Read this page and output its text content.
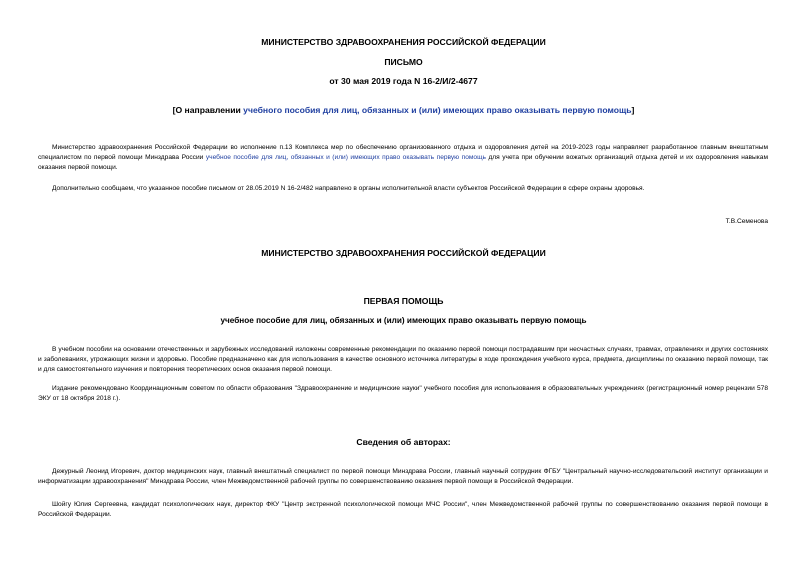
МИНИСТЕРСТВО ЗДРАВООХРАНЕНИЯ РОССИЙСКОЙ ФЕДЕРАЦИИ
ПИСЬМО
от 30 мая 2019 года N 16-2/И/2-4677
[О направлении учебного пособия для лиц, обязанных и (или) имеющих право оказывать первую помощь]

Министерство здравоохранения Российской Федерации во исполнение п.13 Комплекса мер по обеспечению организованного отдыха и оздоровления детей на 2019-2023 годы направляет разработанное главным внештатным специалистом по первой помощи Минздрава России учебное пособие для лиц, обязанных и (или) имеющих право оказывать первую помощь для учета при обучении вожатых организаций отдыха детей и их оздоровления навыкам оказания первой помощи.

Дополнительно сообщаем, что указанное пособие письмом от 28.05.2019 N 16-2/482 направлено в органы исполнительной власти субъектов Российской Федерации в сфере охраны здоровья.

Т.В.Семенова
МИНИСТЕРСТВО ЗДРАВООХРАНЕНИЯ РОССИЙСКОЙ ФЕДЕРАЦИИ
ПЕРВАЯ ПОМОЩЬ
учебное пособие для лиц, обязанных и (или) имеющих право оказывать первую помощь

В учебном пособии на основании отечественных и зарубежных исследований изложены современные рекомендации по оказанию первой помощи пострадавшим при несчастных случаях, травмах, отравлениях и других состояниях и заболеваниях, угрожающих жизни и здоровью. Пособие предназначено как для использования в качестве основного источника литературы в ходе прохождения учебного курса, предмета, дисциплины по оказанию первой помощи, так и для самостоятельного изучения и повторения теоретических основ оказания первой помощи.

Издание рекомендовано Координационным советом по области образования "Здравоохранение и медицинские науки" учебного пособия для использования в образовательных учреждениях (регистрационный номер рецензии 578 ЭКУ от 18 октября 2018 г.).

Сведения об авторах:

Дежурный Леонид Игоревич, доктор медицинских наук, главный внештатный специалист по первой помощи Минздрава России, главный научный сотрудник ФГБУ "Центральный научно-исследовательский институт организации и информатизации здравоохранения" Минздрава России, член Межведомственной рабочей группы по совершенствованию оказания первой помощи в Российской Федерации.

Шойгу Юлия Сергеевна, кандидат психологических наук, директор ФКУ "Центр экстренной психологической помощи МЧС России", член Межведомственной рабочей группы по совершенствованию оказания первой помощи в Российской Федерации.
